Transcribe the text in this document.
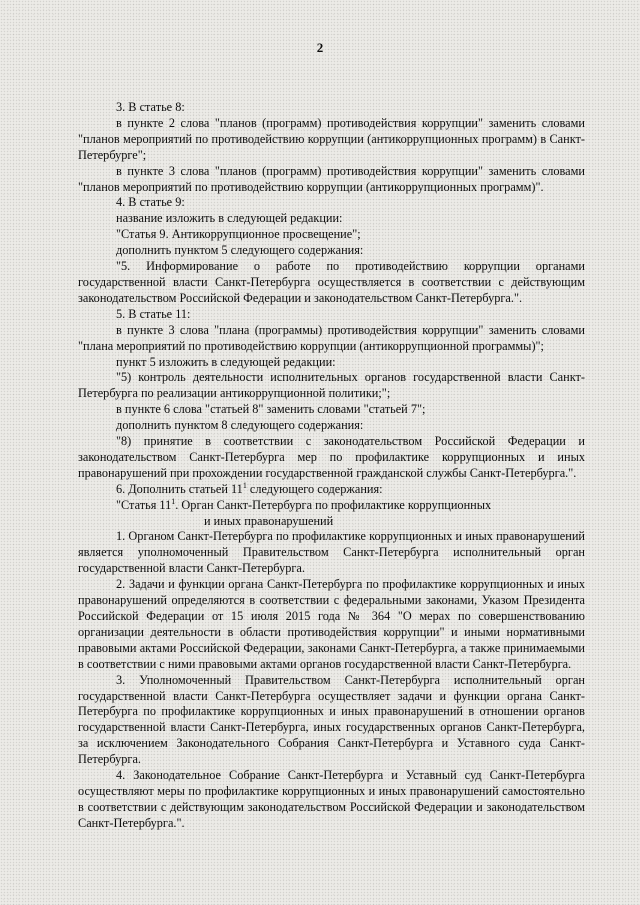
2

3. В статье 8:

в пункте 2 слова "планов (программ) противодействия коррупции" заменить словами "планов мероприятий по противодействию коррупции (антикоррупционных программ) в Санкт-Петербурге";

в пункте 3 слова "планов (программ) противодействия коррупции" заменить словами "планов мероприятий по противодействию коррупции (антикоррупционных программ)".

4. В статье 9:

название изложить в следующей редакции:

"Статья 9. Антикоррупционное просвещение";

дополнить пунктом 5 следующего содержания:

"5. Информирование о работе по противодействию коррупции органами государственной власти Санкт-Петербурга осуществляется в соответствии с действующим законодательством Российской Федерации и законодательством Санкт-Петербурга.".

5. В статье 11:

в пункте 3 слова "плана (программы) противодействия коррупции" заменить словами "плана мероприятий по противодействию коррупции (антикоррупционной программы)";

пункт 5 изложить в следующей редакции:

"5) контроль деятельности исполнительных органов государственной власти Санкт-Петербурга по реализации антикоррупционной политики;";

в пункте 6 слова "статьей 8" заменить словами "статьей 7";

дополнить пунктом 8 следующего содержания:

"8) принятие в соответствии с законодательством Российской Федерации и законодательством Санкт-Петербурга мер по профилактике коррупционных и иных правонарушений при прохождении государственной гражданской службы Санкт-Петербурга.".

6. Дополнить статьей $11^1$ следующего содержания:

"Статья $11^1$. Орган Санкт-Петербурга по профилактике коррупционных

и иных правонарушений

1. Органом Санкт-Петербурга по профилактике коррупционных и иных правонарушений является уполномоченный Правительством Санкт-Петербурга исполнительный орган государственной власти Санкт-Петербурга.

2. Задачи и функции органа Санкт-Петербурга по профилактике коррупционных и иных правонарушений определяются в соответствии с федеральными законами, Указом Президента Российской Федерации от 15 июля 2015 года № 364 "О мерах по совершенствованию организации деятельности в области противодействия коррупции" и иными нормативными правовыми актами Российской Федерации, законами Санкт-Петербурга, а также принимаемыми в соответствии с ними правовыми актами органов государственной власти Санкт-Петербурга.

3. Уполномоченный Правительством Санкт-Петербурга исполнительный орган государственной власти Санкт-Петербурга осуществляет задачи и функции органа Санкт-Петербурга по профилактике коррупционных и иных правонарушений в отношении органов государственной власти Санкт-Петербурга, иных государственных органов Санкт-Петербурга, за исключением Законодательного Собрания Санкт-Петербурга и Уставного суда Санкт-Петербурга.

4. Законодательное Собрание Санкт-Петербурга и Уставный суд Санкт-Петербурга осуществляют меры по профилактике коррупционных и иных правонарушений самостоятельно в соответствии с действующим законодательством Российской Федерации и законодательством Санкт-Петербурга.".
